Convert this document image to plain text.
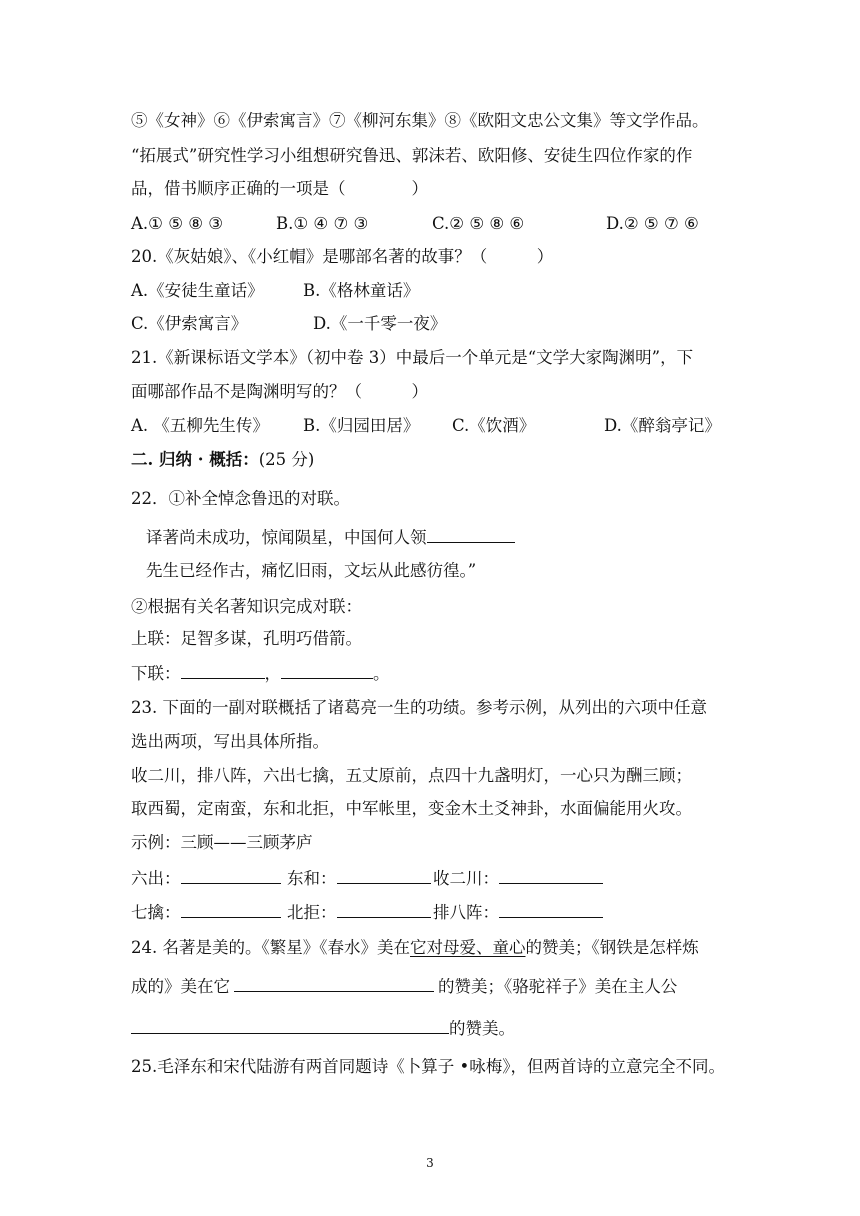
⑤《女神》⑥《伊索寓言》⑦《柳河东集》⑧《欧阳文忠公文集》等文学作品。
“拓展式”研究性学习小组想研究鲁迅、郭沫若、欧阳修、安徒生四位作家的作
品，借书顺序正确的一项是（　　　　）
A.① ⑤ ⑧ ③	B.① ④ ⑦ ③	C.② ⑤ ⑧ ⑥	D.② ⑤ ⑦ ⑥
20.《灰姑娘》、《小红帽》是哪部名著的故事？（　　　）
A.《安徒生童话》 B.《格林童话》
C.《伊索寓言》	D.《一千零一夜》
21.《新课标语文学本》（初中卷 3）中最后一个单元是“文学大家陶渊明”，下
面哪部作品不是陶渊明写的？（　　　）
A. 《五柳先生传》 B.《归园田居》 C.《饮酒》	D.《醉翁亭记》
二. 归纳 · 概括：(25 分)
22．①补全悼念鲁迅的对联。
译著尚未成功，惊闻陨星，中国何人领
先生已经作古，痛忆旧雨，文坛从此感彷徨。”
②根据有关名著知识完成对联：
上联：足智多谋，孔明巧借箭。
下联：	，	。
23. 下面的一副对联概括了诸葛亮一生的功绩。参考示例，从列出的六项中任意
选出两项，写出具体所指。
收二川，排八阵，六出七擒，五丈原前，点四十九盏明灯，一心只为酬三顾；
取西蜀，定南蛮，东和北拒，中军帐里，变金木土爻神卦，水面偏能用火攻。
示例：三顾——三顾茅庐
六出：	东和：	收二川：
七擒：	北拒：	排八阵：
24. 名著是美的。《繁星》《春水》美在它对母爱、童心的赞美；《钢铁是怎样炼
成的》美在它	的赞美；《骆驼祥子》美在主人公
的赞美。
25.毛泽东和宋代陆游有两首同题诗《卜算子 •咏梅》，但两首诗的立意完全不同。
3
